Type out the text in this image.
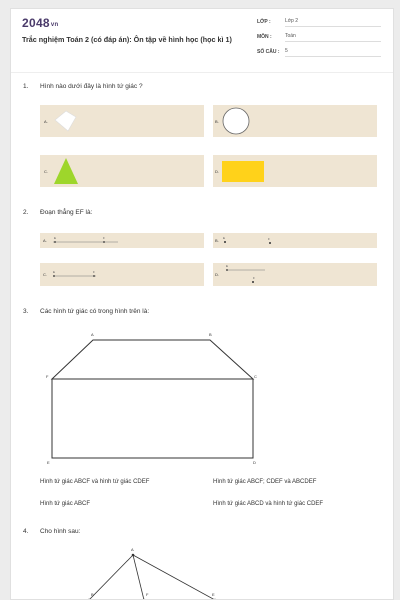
2048vn
Trắc nghiệm Toán 2 (có đáp án): Ôn tập về hình học (học kì 1)
LỚP :	Lớp 2
MÔN :	Toán
SỐ CÂU : 5
1. Hình nào dưới đây là hình tứ giác ?
A.	B.
C.	D.
2. Đoạn thẳng EF là:
A. E	F	B. E	F
C. E	F	D.
E
F
3. Các hình tứ giác có trong hình trên là:
A	B
C
D
E
F
Hình tứ giác ABCF và hình tứ giác CDEF	Hình tứ giác ABCF; CDEF và ABCDEF
Hình tứ giác ABCF	Hình tứ giác ABCD và hình tứ giác CDEF
4. Cho hình sau:
A
B	F	E
